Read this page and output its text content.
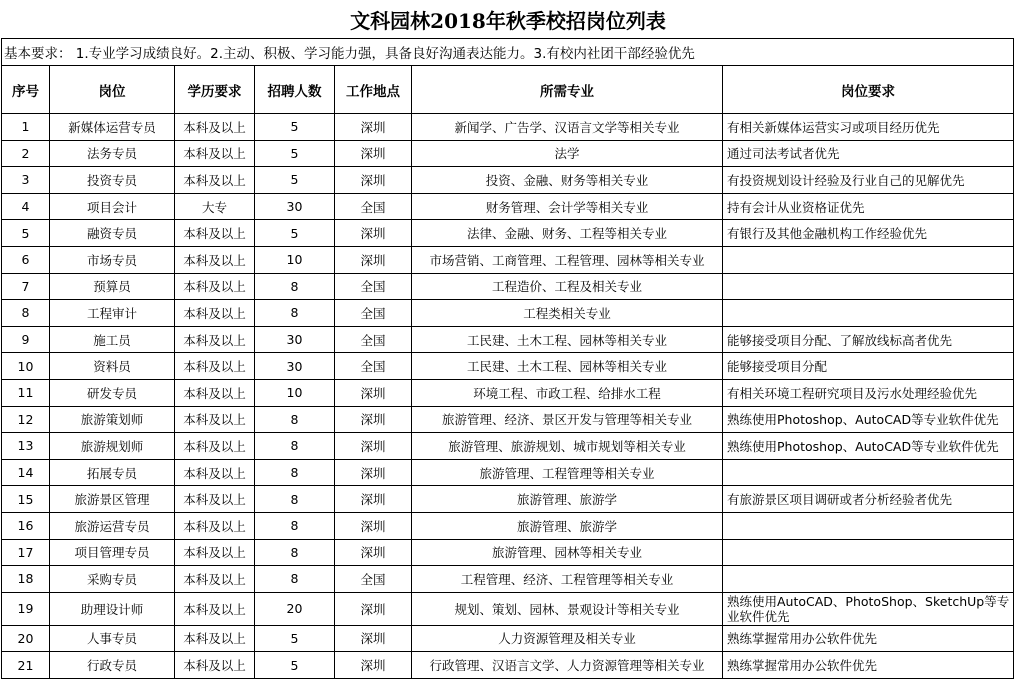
文科园林2018年秋季校招岗位列表
基本要求： 1.专业学习成绩良好。2.主动、积极、学习能力强，具备良好沟通表达能力。3.有校内社团干部经验优先						
序号	岗位	学历要求	招聘人数	工作地点	所需专业	岗位要求
1	新媒体运营专员	本科及以上	5	深圳	新闻学、广告学、汉语言文学等相关专业	有相关新媒体运营实习或项目经历优先
2	法务专员	本科及以上	5	深圳	法学	通过司法考试者优先
3	投资专员	本科及以上	5	深圳	投资、金融、财务等相关专业	有投资规划设计经验及行业自己的见解优先
4	项目会计	大专	30	全国	财务管理、会计学等相关专业	持有会计从业资格证优先
5	融资专员	本科及以上	5	深圳	法律、金融、财务、工程等相关专业	有银行及其他金融机构工作经验优先
6	市场专员	本科及以上	10	深圳	市场营销、工商管理、工程管理、园林等相关专业	
7	预算员	本科及以上	8	全国	工程造价、工程及相关专业	
8	工程审计	本科及以上	8	全国	工程类相关专业	
9	施工员	本科及以上	30	全国	工民建、土木工程、园林等相关专业	能够接受项目分配、了解放线标高者优先
10	资料员	本科及以上	30	全国	工民建、土木工程、园林等相关专业	能够接受项目分配
11	研发专员	本科及以上	10	深圳	环境工程、市政工程、给排水工程	有相关环境工程研究项目及污水处理经验优先
12	旅游策划师	本科及以上	8	深圳	旅游管理、经济、景区开发与管理等相关专业	熟练使用Photoshop、AutoCAD等专业软件优先
13	旅游规划师	本科及以上	8	深圳	旅游管理、旅游规划、城市规划等相关专业	熟练使用Photoshop、AutoCAD等专业软件优先
14	拓展专员	本科及以上	8	深圳	旅游管理、工程管理等相关专业	
15	旅游景区管理	本科及以上	8	深圳	旅游管理、旅游学	有旅游景区项目调研或者分析经验者优先
16	旅游运营专员	本科及以上	8	深圳	旅游管理、旅游学	
17	项目管理专员	本科及以上	8	深圳	旅游管理、园林等相关专业	
18	采购专员	本科及以上	8	全国	工程管理、经济、工程管理等相关专业	
19	助理设计师	本科及以上	20	深圳	规划、策划、园林、景观设计等相关专业	熟练使用AutoCAD、PhotoShop、SketchUp等专业软件优先
20	人事专员	本科及以上	5	深圳	人力资源管理及相关专业	熟练掌握常用办公软件优先
21	行政专员	本科及以上	5	深圳	行政管理、汉语言文学、人力资源管理等相关专业	熟练掌握常用办公软件优先
